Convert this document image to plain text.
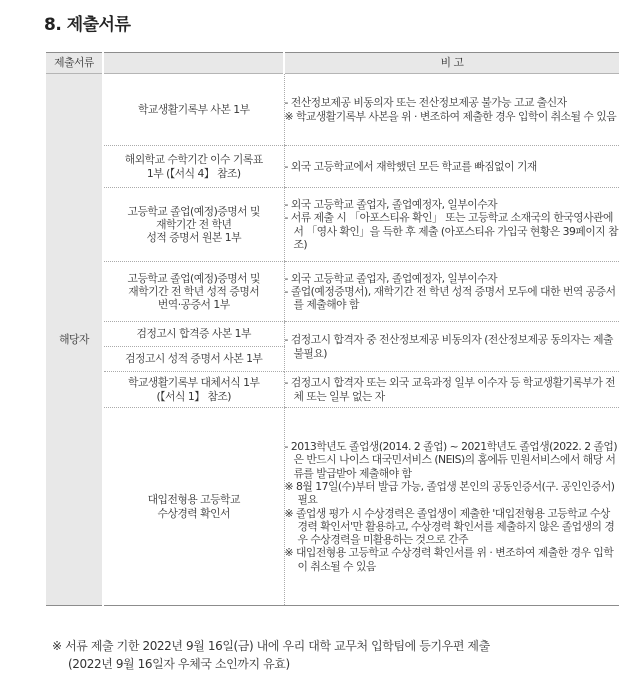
8. 제출서류
제출서류		비 고
해당자	학교생활기록부 사본 1부	- 전산정보제공 비동의자 또는 전산정보제공 불가능 고교 출신자
※ 학교생활기록부 사본을 위 · 변조하여 제출한 경우 입학이 취소될 수 있음

	해외학교 수학기간 이수 기록표
1부 (【서식 4】 참조)	- 외국 고등학교에서 재학했던 모든 학교를 빠짐없이 기재

	고등학교 졸업(예정)증명서 및
재학기간 전 학년
성적 증명서 원본 1부	- 외국 고등학교 졸업자, 졸업예정자, 일부이수자
- 서류 제출 시 「아포스티유 확인」 또는 고등학교 소재국의 한국영사관에서 「영사 확인」을 득한 후 제출 (아포스티유 가입국 현황은 39페이지 참조)

	고등학교 졸업(예정)증명서 및
재학기간 전 학년 성적 증명서
번역·공증서 1부	- 외국 고등학교 졸업자, 졸업예정자, 일부이수자
- 졸업(예정증명서), 재학기간 전 학년 성적 증명서 모두에 대한 번역 공증서를 제출해야 함

	검정고시 합격증 사본 1부	- 검정고시 합격자 중 전산정보제공 비동의자 (전산정보제공 동의자는 제출 불필요)

	검정고시 성적 증명서 사본 1부	

	학교생활기록부 대체서식 1부
(【서식 1】 참조)	- 검정고시 합격자 또는 외국 교육과정 일부 이수자 등 학교생활기록부가 전체 또는 일부 없는 자

	대입전형용 고등학교
수상경력 확인서	- 2013학년도 졸업생(2014. 2 졸업) ~ 2021학년도 졸업생(2022. 2 졸업) 은 반드시 나이스 대국민서비스 (NEIS)의 홈에듀 민원서비스에서 해당 서류를 발급받아 제출해야 함
※ 8월 17일(수)부터 발급 가능, 졸업생 본인의 공동인증서(구. 공인인증서) 필요
※ 졸업생 평가 시 수상경력은 졸업생이 제출한 '대입전형용 고등학교 수상경력 확인서'만 활용하고, 수상경력 확인서를 제출하지 않은 졸업생의 경우 수상경력을 미활용하는 것으로 간주
※ 대입전형용 고등학교 수상경력 확인서를 위 · 변조하여 제출한 경우 입학이 취소될 수 있음
※ 서류 제출 기한 2022년 9월 16일(금) 내에 우리 대학 교무처 입학팀에 등기우편 제출
(2022년 9월 16일자 우체국 소인까지 유효)
